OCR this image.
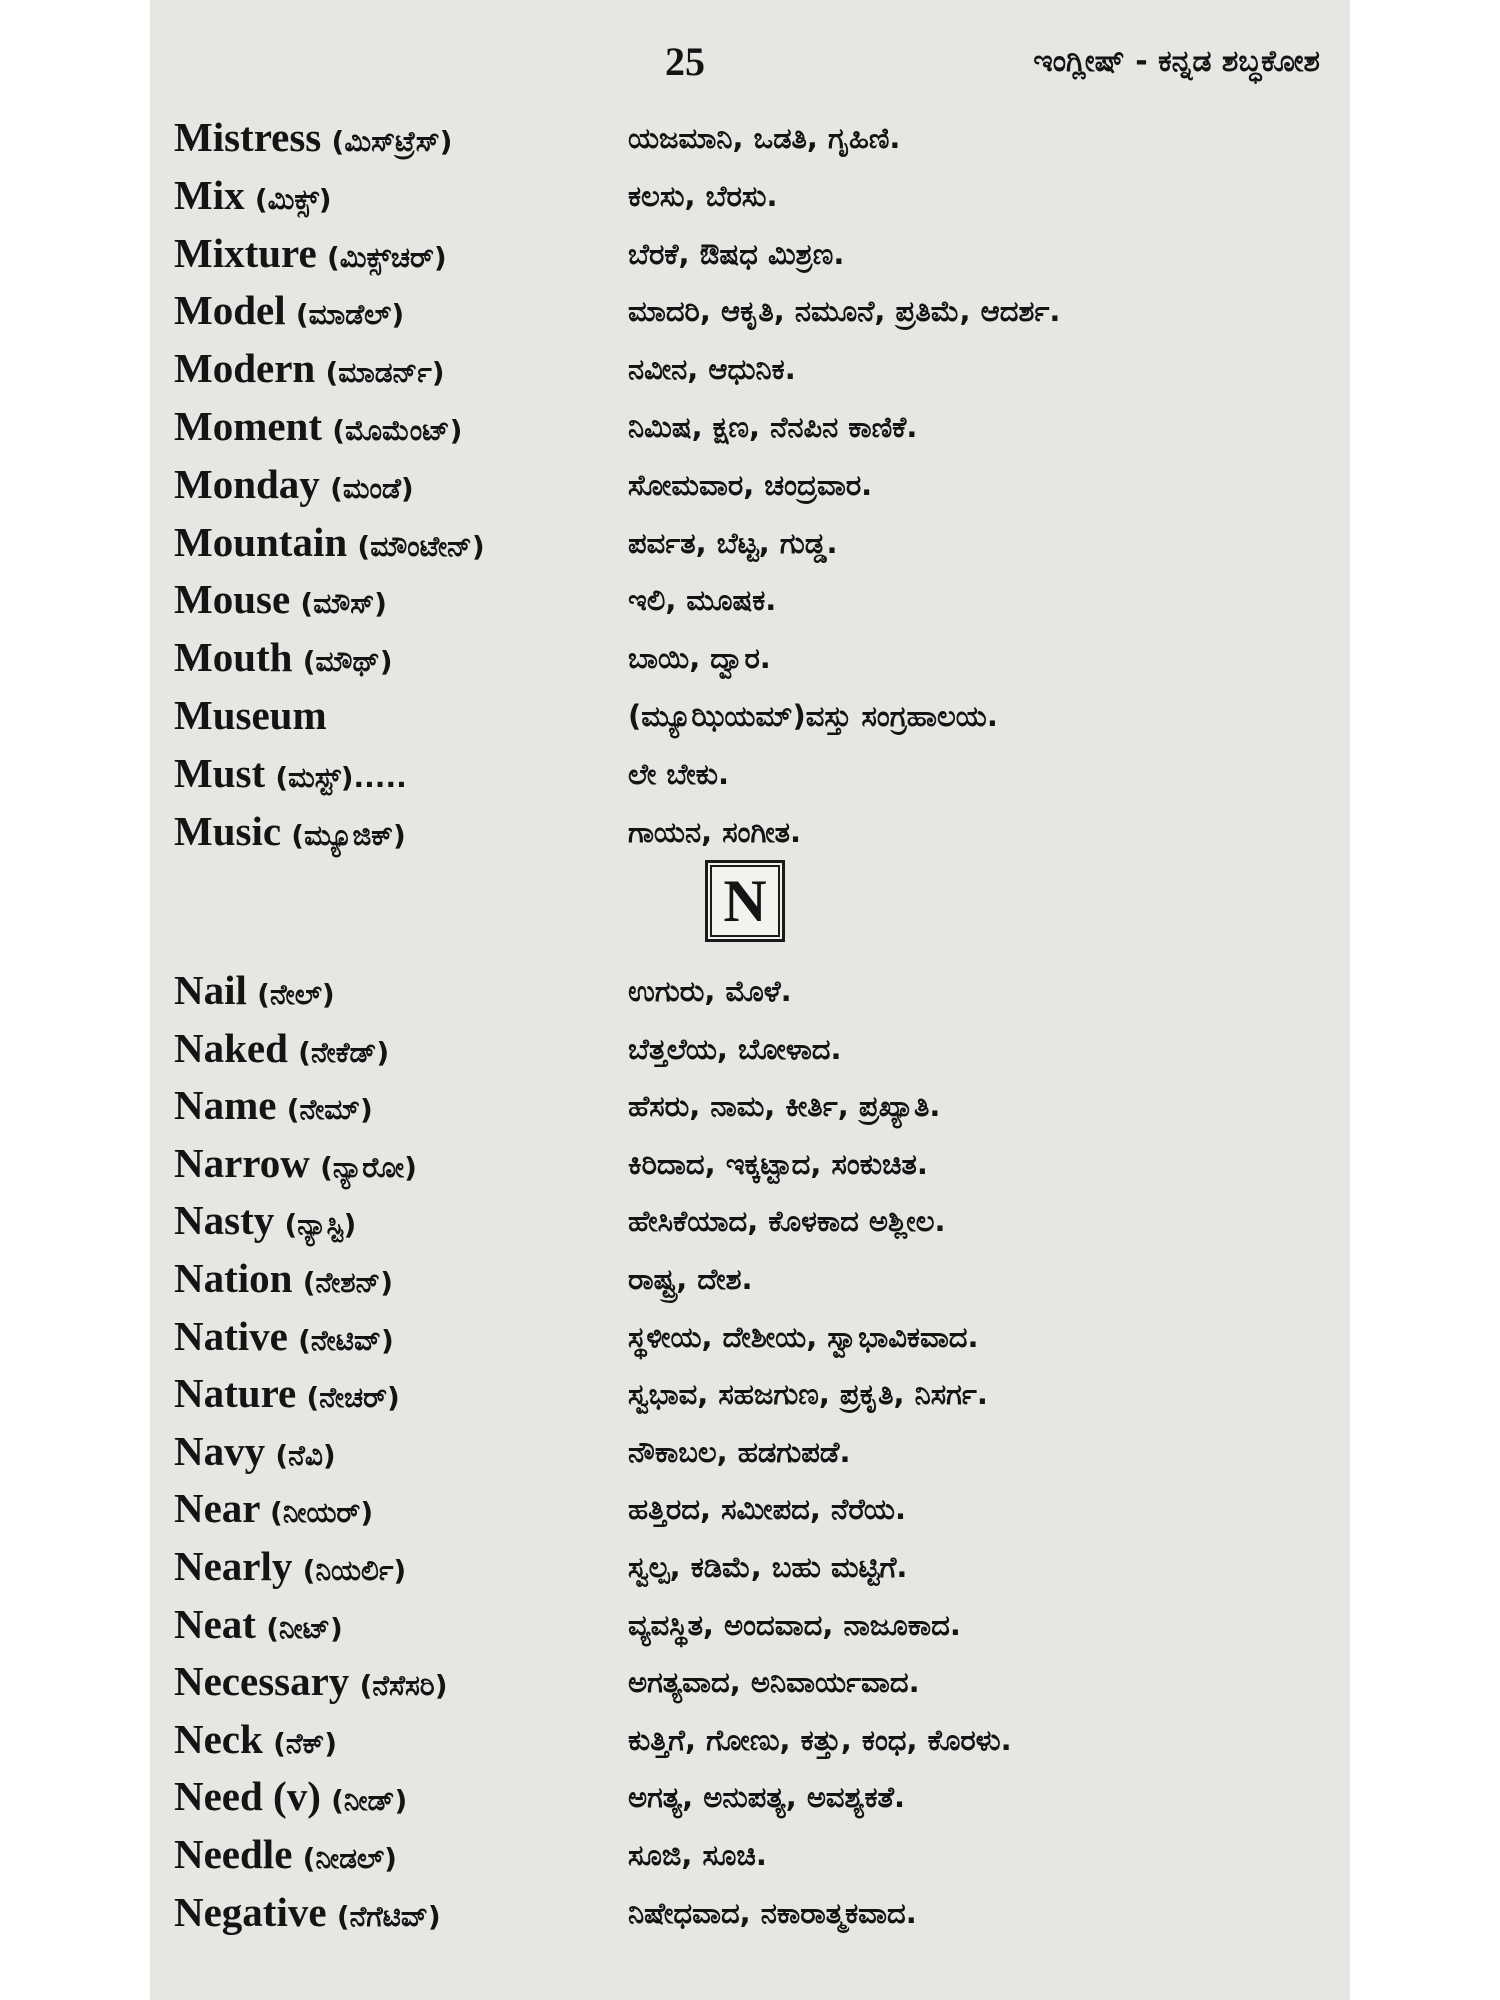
25	ಇಂಗ್ಲೀಷ್ - ಕನ್ನಡ ಶಬ್ಧಕೋಶ
Mistress (ಮಿಸ್‌ಟ್ರೆಸ್)	ಯಜಮಾನಿ, ಒಡತಿ, ಗೃಹಿಣಿ.
Mix (ಮಿಕ್ಸ್)	ಕಲಸು, ಬೆರಸು.
Mixture (ಮಿಕ್ಸ್‌ಚರ್)	ಬೆರಕೆ, ಔಷಧ ಮಿಶ್ರಣ.
Model (ಮಾಡೆಲ್)	ಮಾದರಿ, ಆಕೃತಿ, ನಮೂನೆ, ಪ್ರತಿಮೆ, ಆದರ್ಶ.
Modern (ಮಾಡರ್ನ್)	ನವೀನ, ಆಧುನಿಕ.
Moment (ಮೊಮೆಂಟ್)	ನಿಮಿಷ, ಕ್ಷಣ, ನೆನಪಿನ ಕಾಣಿಕೆ.
Monday (ಮಂಡೆ)	ಸೋಮವಾರ, ಚಂದ್ರವಾರ.
Mountain (ಮೌಂಟೇನ್)	ಪರ್ವತ, ಬೆಟ್ಟ, ಗುಡ್ಡ.
Mouse (ಮೌಸ್)	ಇಲಿ, ಮೂಷಕ.
Mouth (ಮೌಥ್)	ಬಾಯಿ, ದ್ವಾರ.
Museum	(ಮ್ಯೂಝಿಯಮ್)ವಸ್ತು ಸಂಗ್ರಹಾಲಯ.
Must (ಮಸ್ಟ್).....	ಲೇ ಬೇಕು.
Music (ಮ್ಯೂಜಿಕ್)	ಗಾಯನ, ಸಂಗೀತ.
Nail (ನೇಲ್)	ಉಗುರು, ಮೊಳೆ.
Naked (ನೇಕೆಡ್)	ಬೆತ್ತಲೆಯ, ಬೋಳಾದ.
Name (ನೇಮ್)	ಹೆಸರು, ನಾಮ, ಕೀರ್ತಿ, ಪ್ರಖ್ಯಾತಿ.
Narrow (ನ್ಯಾರೋ)	ಕಿರಿದಾದ, ಇಕ್ಕಟ್ಟಾದ, ಸಂಕುಚಿತ.
Nasty (ನ್ಯಾಸ್ಟಿ)	ಹೇಸಿಕೆಯಾದ, ಕೊಳಕಾದ ಅಶ್ಲೀಲ.
Nation (ನೇಶನ್)	ರಾಷ್ಟ್ರ, ದೇಶ.
Native (ನೇಟಿವ್)	ಸ್ಥಳೀಯ, ದೇಶೀಯ, ಸ್ವಾಭಾವಿಕವಾದ.
Nature (ನೇಚರ್)	ಸ್ವಭಾವ, ಸಹಜಗುಣ, ಪ್ರಕೃತಿ, ನಿಸರ್ಗ.
Navy (ನೆವಿ)	ನೌಕಾಬಲ, ಹಡಗುಪಡೆ.
Near (ನೀಯರ್)	ಹತ್ತಿರದ, ಸಮೀಪದ, ನೆರೆಯ.
Nearly (ನಿಯರ್ಲಿ)	ಸ್ವಲ್ಪ, ಕಡಿಮೆ, ಬಹು ಮಟ್ಟಿಗೆ.
Neat (ನೀಟ್)	ವ್ಯವಸ್ಥಿತ, ಅಂದವಾದ, ನಾಜೂಕಾದ.
Necessary (ನೆಸೆಸರಿ)	ಅಗತ್ಯವಾದ, ಅನಿವಾರ್ಯವಾದ.
Neck (ನೆಕ್)	ಕುತ್ತಿಗೆ, ಗೋಣು, ಕತ್ತು, ಕಂಧ, ಕೊರಳು.
Need (v) (ನೀಡ್)	ಅಗತ್ಯ, ಅನುಪತ್ಯ, ಅವಶ್ಯಕತೆ.
Needle (ನೀಡಲ್)	ಸೂಜಿ, ಸೂಚಿ.
Negative (ನೆಗೆಟಿವ್)	ನಿಷೇಧವಾದ, ನಕಾರಾತ್ಮಕವಾದ.
N
